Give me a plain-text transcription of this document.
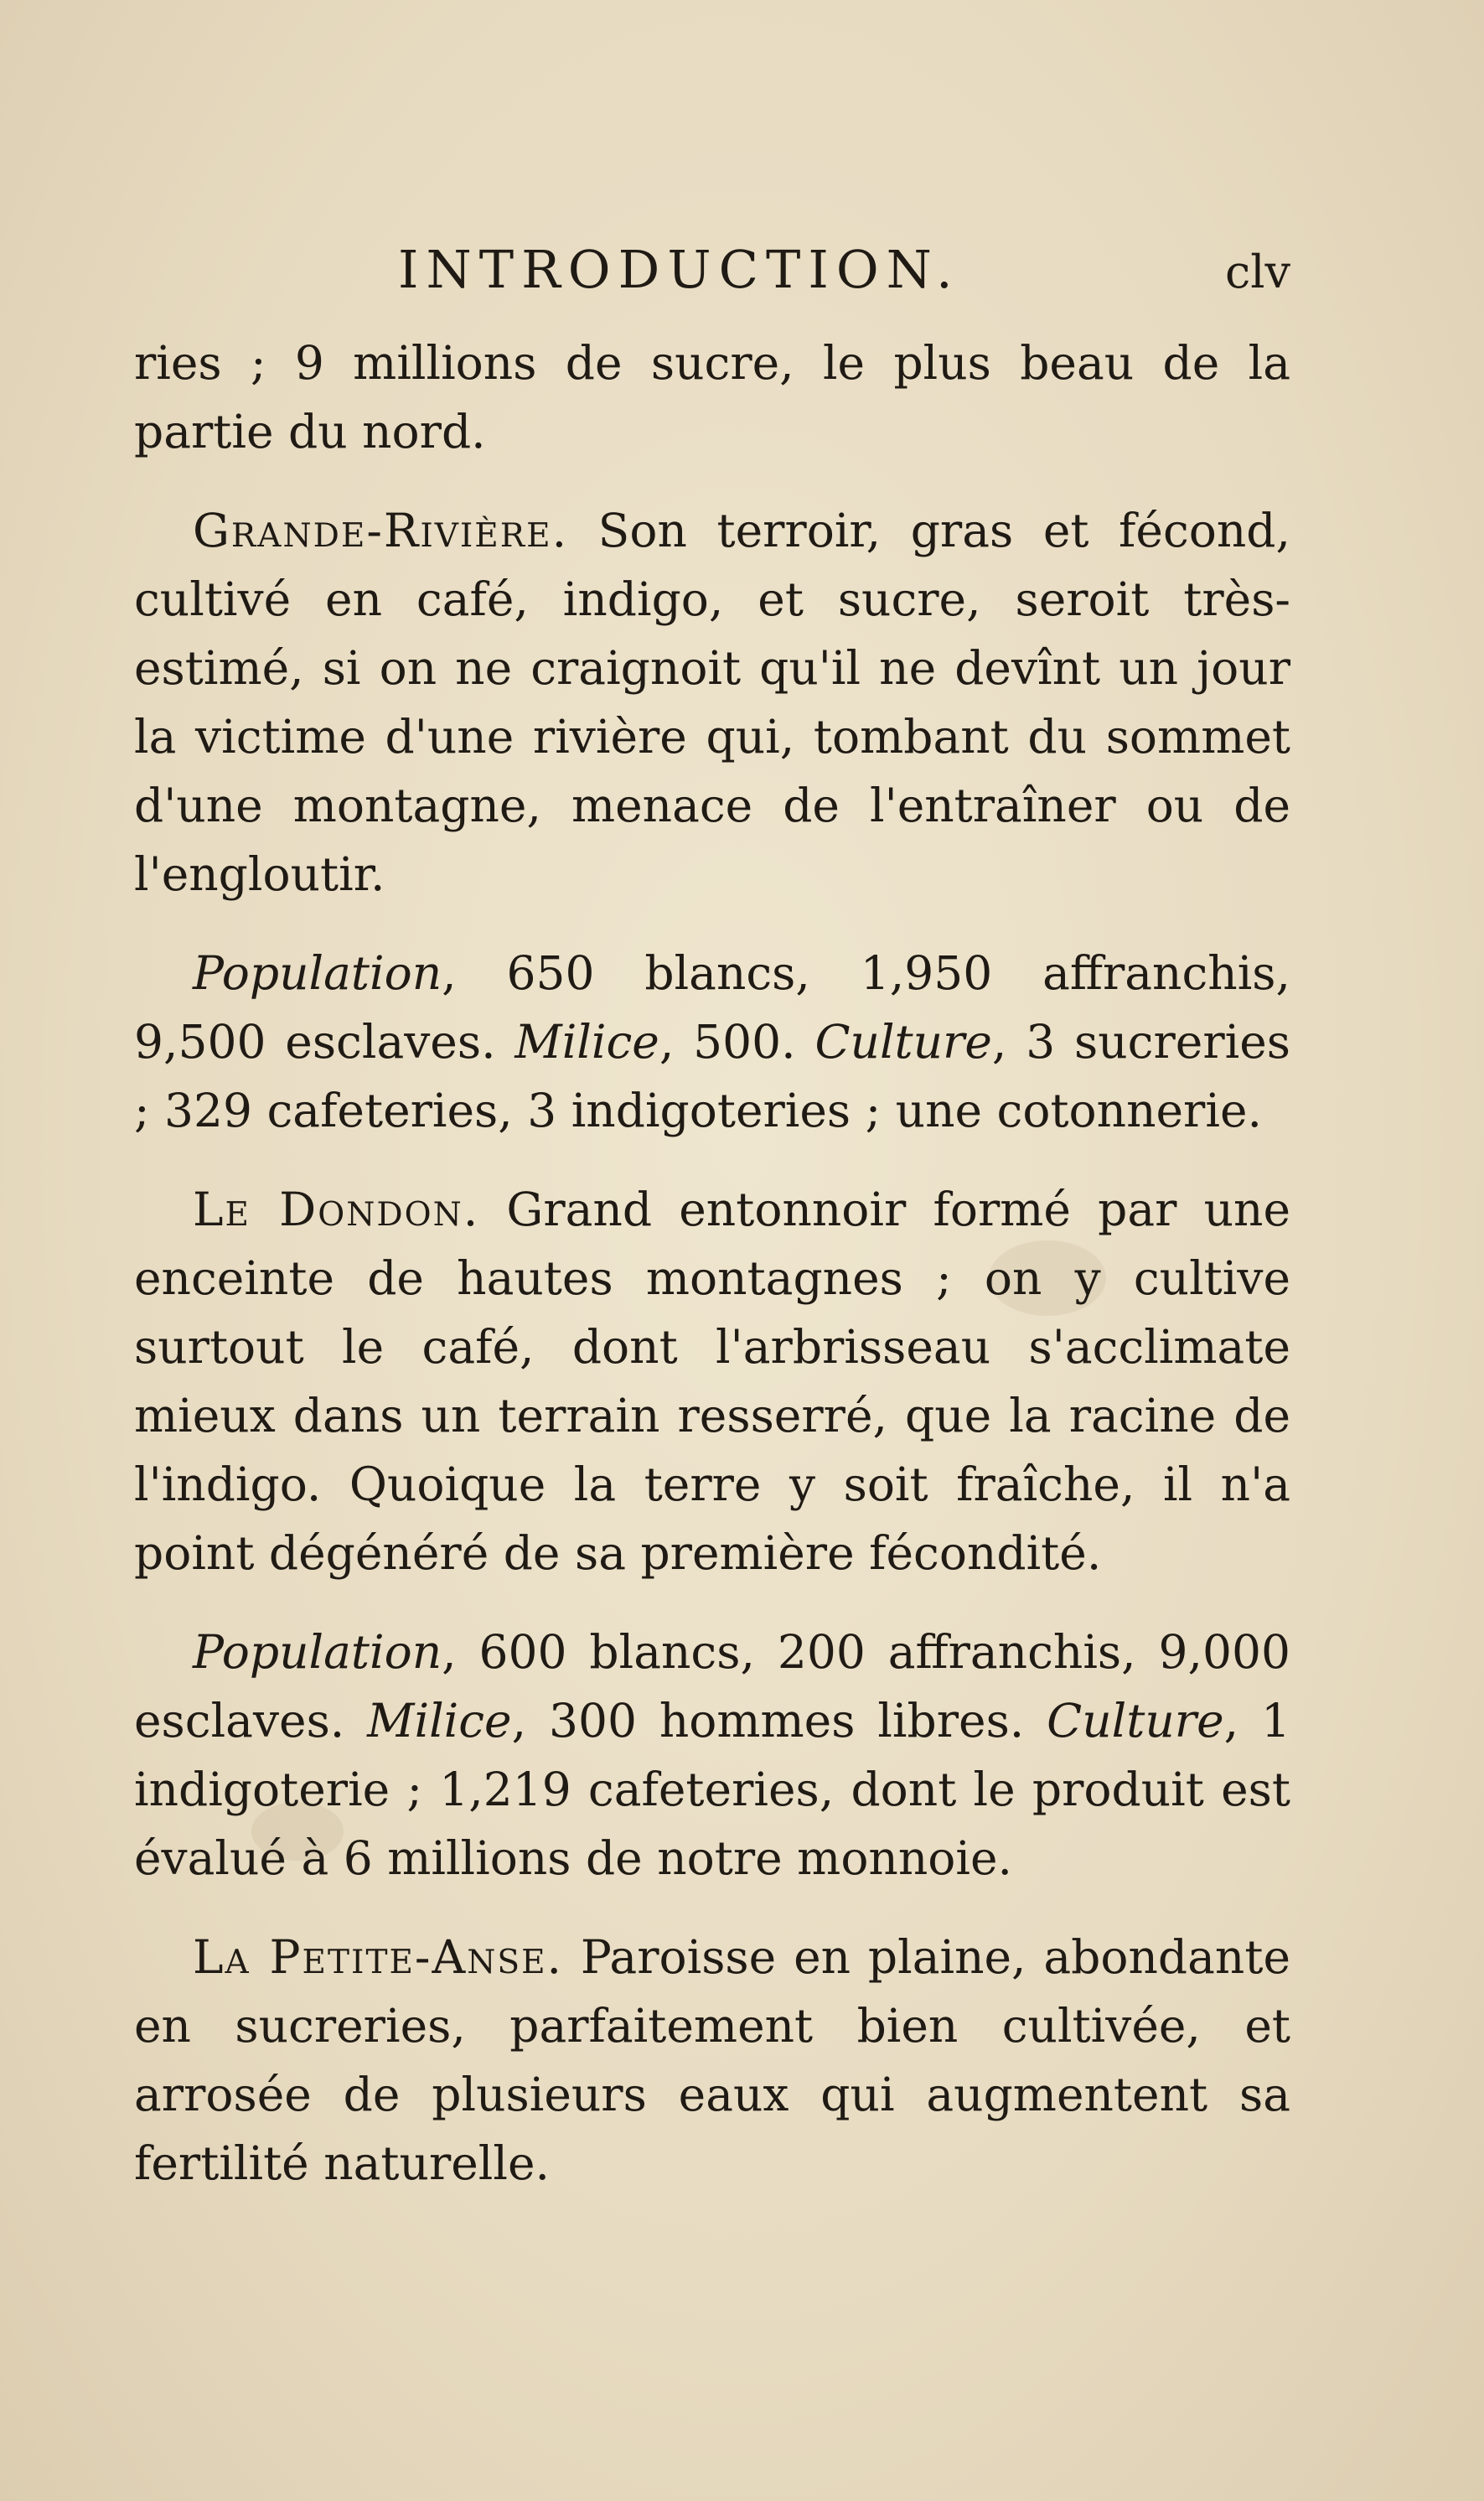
INTRODUCTION.	clv

ries ; 9 millions de sucre, le plus beau de la partie du nord.

Grande-Rivière. Son terroir, gras et fécond, cultivé en café, indigo, et sucre, seroit très-estimé, si on ne craignoit qu'il ne devînt un jour la victime d'une rivière qui, tombant du sommet d'une montagne, menace de l'entraîner ou de l'engloutir.

Population, 650 blancs, 1,950 affranchis, 9,500 esclaves. Milice, 500. Culture, 3 sucreries ; 329 cafeteries, 3 indigoteries ; une cotonnerie.

Le Dondon. Grand entonnoir formé par une enceinte de hautes montagnes ; on y cultive surtout le café, dont l'arbrisseau s'acclimate mieux dans un terrain resserré, que la racine de l'indigo. Quoique la terre y soit fraîche, il n'a point dégénéré de sa première fécondité.

Population, 600 blancs, 200 affranchis, 9,000 esclaves. Milice, 300 hommes libres. Culture, 1 indigoterie ; 1,219 cafeteries, dont le produit est évalué à 6 millions de notre monnoie.

La Petite-Anse. Paroisse en plaine, abondante en sucreries, parfaitement bien cultivée, et arrosée de plusieurs eaux qui augmentent sa fertilité naturelle.
